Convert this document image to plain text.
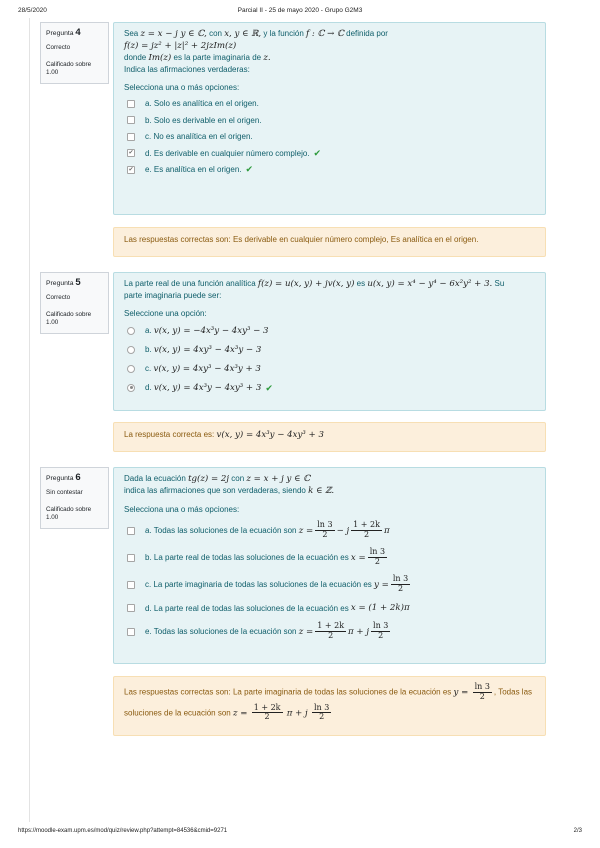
28/5/2020	Parcial II - 25 de mayo 2020 - Grupo G2M3
https://moodle-exam.upm.es/mod/quiz/review.php?attempt=84536&cmid=9271	2/3
Pregunta 4
Correcto
Calificado sobre
1.00
Sea z = x − j y ∈ ℂ, con x, y ∈ ℝ, y la función f : ℂ → ℂ definida por
f(z) = jz² + |z|² + 2jzIm(z)
donde Im(z) es la parte imaginaria de z.
Indica las afirmaciones verdaderas:
Selecciona una o más opciones:
a. Solo es analítica en el origen.
b. Solo es derivable en el origen.
c. No es analítica en el origen.
✔ d. Es derivable en cualquier número complejo. ✔
✔ e. Es analítica en el origen. ✔
Las respuestas correctas son: Es derivable en cualquier número complejo, Es analítica en el origen.
Pregunta 5
Correcto
Calificado sobre
1.00
La parte real de una función analítica f(z) = u(x, y) + jv(x, y) es u(x, y) = x⁴ − y⁴ − 6x²y² + 3. Su
parte imaginaria puede ser:
Seleccione una opción:
a.
v(x, y) = −4x³y − 4xy³ − 3
b.
v(x, y) = 4xy³ − 4x³y − 3
c.
v(x, y) = 4xy³ − 4x³y + 3
d.
v(x, y) = 4x³y − 4xy³ + 3 ✔
La respuesta correcta es: v(x, y) = 4x³y − 4xy³ + 3
Pregunta 6
Sin contestar
Calificado sobre
1.00
Dada la ecuación tg(z) = 2j con z = x + j y ∈ ℂ
indica las afirmaciones que son verdaderas, siendo k ∈ ℤ.
Selecciona una o más opciones:
a. Todas las soluciones de la ecuación son
$z = \frac{\ln 3}{2} - j \frac{1 + 2k}{2}$ π
b. La parte real de todas las soluciones de la ecuación es
$x = \frac{\ln 3}{2}$
c. La parte imaginaria de todas las soluciones de la ecuación es
$y = \frac{\ln 3}{2}$
d. La parte real de todas las soluciones de la ecuación es
x = (1 + 2k)π
e. Todas las soluciones de la ecuación son
$z = \frac{1 + 2k}{2}$ π + j $\frac{\ln 3}{2}$
Las respuestas correctas son: La parte imaginaria de todas las soluciones de la ecuación es $y = \frac{\ln 3}{2}$ , Todas las
soluciones de la ecuación son $z = \frac{1 + 2k}{2}$ π + j $\frac{\ln 3}{2}$
